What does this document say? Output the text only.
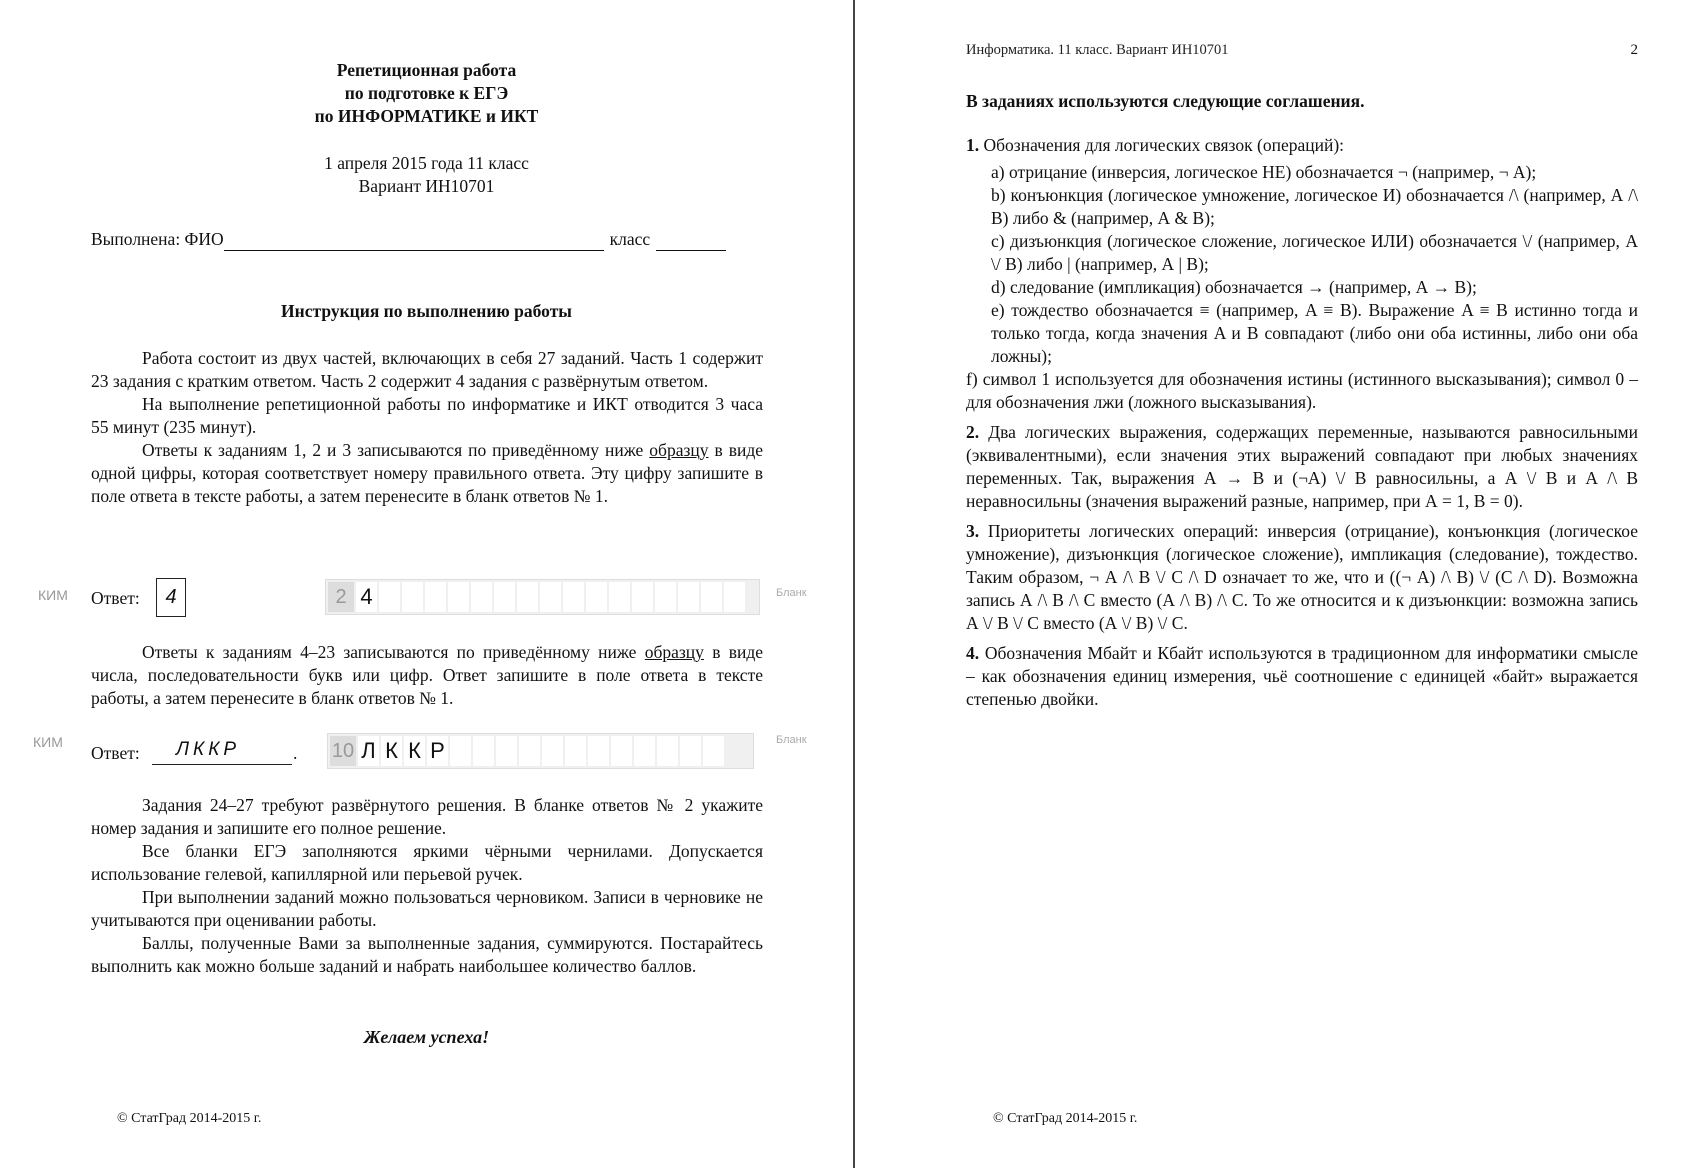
Репетиционная работа
по подготовке к ЕГЭ
по ИНФОРМАТИКЕ и ИКТ
1 апреля 2015 года 11 класс
Вариант ИН10701
Выполнена: ФИО	класс
Инструкция по выполнению работы

Работа состоит из двух частей, включающих в себя 27 заданий. Часть 1 содержит 23 задания с кратким ответом. Часть 2 содержит 4 задания с развёрнутым ответом.

На выполнение репетиционной работы по информатике и ИКТ отводится 3 часа 55 минут (235 минут).

Ответы к заданиям 1, 2 и 3 записываются по приведённому ниже образцу в виде одной цифры, которая соответствует номеру правильного ответа. Эту цифру запишите в поле ответа в тексте работы, а затем перенесите в бланк ответов № 1.

КИМ Ответ:	4	2 4	Бланк

Ответы к заданиям 4–23 записываются по приведённому ниже образцу в виде числа, последовательности букв или цифр. Ответ запишите в поле ответа в тексте работы, а затем перенесите в бланк ответов № 1.

КИМ
Ответ: ЛККР	. 10 Л К К Р	Бланк

Задания 24–27 требуют развёрнутого решения. В бланке ответов № 2 укажите номер задания и запишите его полное решение.

Все бланки ЕГЭ заполняются яркими чёрными чернилами. Допускается использование гелевой, капиллярной или перьевой ручек.

При выполнении заданий можно пользоваться черновиком. Записи в черновике не учитываются при оценивании работы.

Баллы, полученные Вами за выполненные задания, суммируются. Постарайтесь выполнить как можно больше заданий и набрать наибольшее количество баллов.

Желаем успеха!
© СтатГрад 2014-2015 г.
Информатика. 11 класс. Вариант ИН10701	2
В заданиях используются следующие соглашения.
1. Обозначения для логических связок (операций):
a) отрицание (инверсия, логическое НЕ) обозначается ¬ (например, ¬ А);
b) конъюнкция (логическое умножение, логическое И) обозначается /\ (например, А /\ В) либо & (например, А & В);
c) дизъюнкция (логическое сложение, логическое ИЛИ) обозначается \/ (например, А \/ В) либо | (например, А | В);
d) следование (импликация) обозначается → (например, А → В);
e) тождество обозначается ≡ (например, A ≡ B). Выражение A ≡ B истинно тогда и только тогда, когда значения A и B совпадают (либо они оба истинны, либо они оба ложны);
f) символ 1 используется для обозначения истины (истинного высказывания); символ 0 – для обозначения лжи (ложного высказывания).
2. Два логических выражения, содержащих переменные, называются равносильными (эквивалентными), если значения этих выражений совпадают при любых значениях переменных. Так, выражения А → В и (¬А) \/ В равносильны, а А \/ В и А /\ В неравносильны (значения выражений разные, например, при А = 1, В = 0).
3. Приоритеты логических операций: инверсия (отрицание), конъюнкция (логическое умножение), дизъюнкция (логическое сложение), импликация (следование), тождество. Таким образом, ¬ А /\ В \/ С /\ D означает то же, что и ((¬ А) /\ В) \/ (С /\ D). Возможна запись А /\ В /\ С вместо (А /\ В) /\ С. То же относится и к дизъюнкции: возможна запись А \/ В \/ С вместо (А \/ В) \/ С.
4. Обозначения Мбайт и Кбайт используются в традиционном для информатики смысле – как обозначения единиц измерения, чьё соотношение с единицей «байт» выражается степенью двойки.
© СтатГрад 2014-2015 г.
